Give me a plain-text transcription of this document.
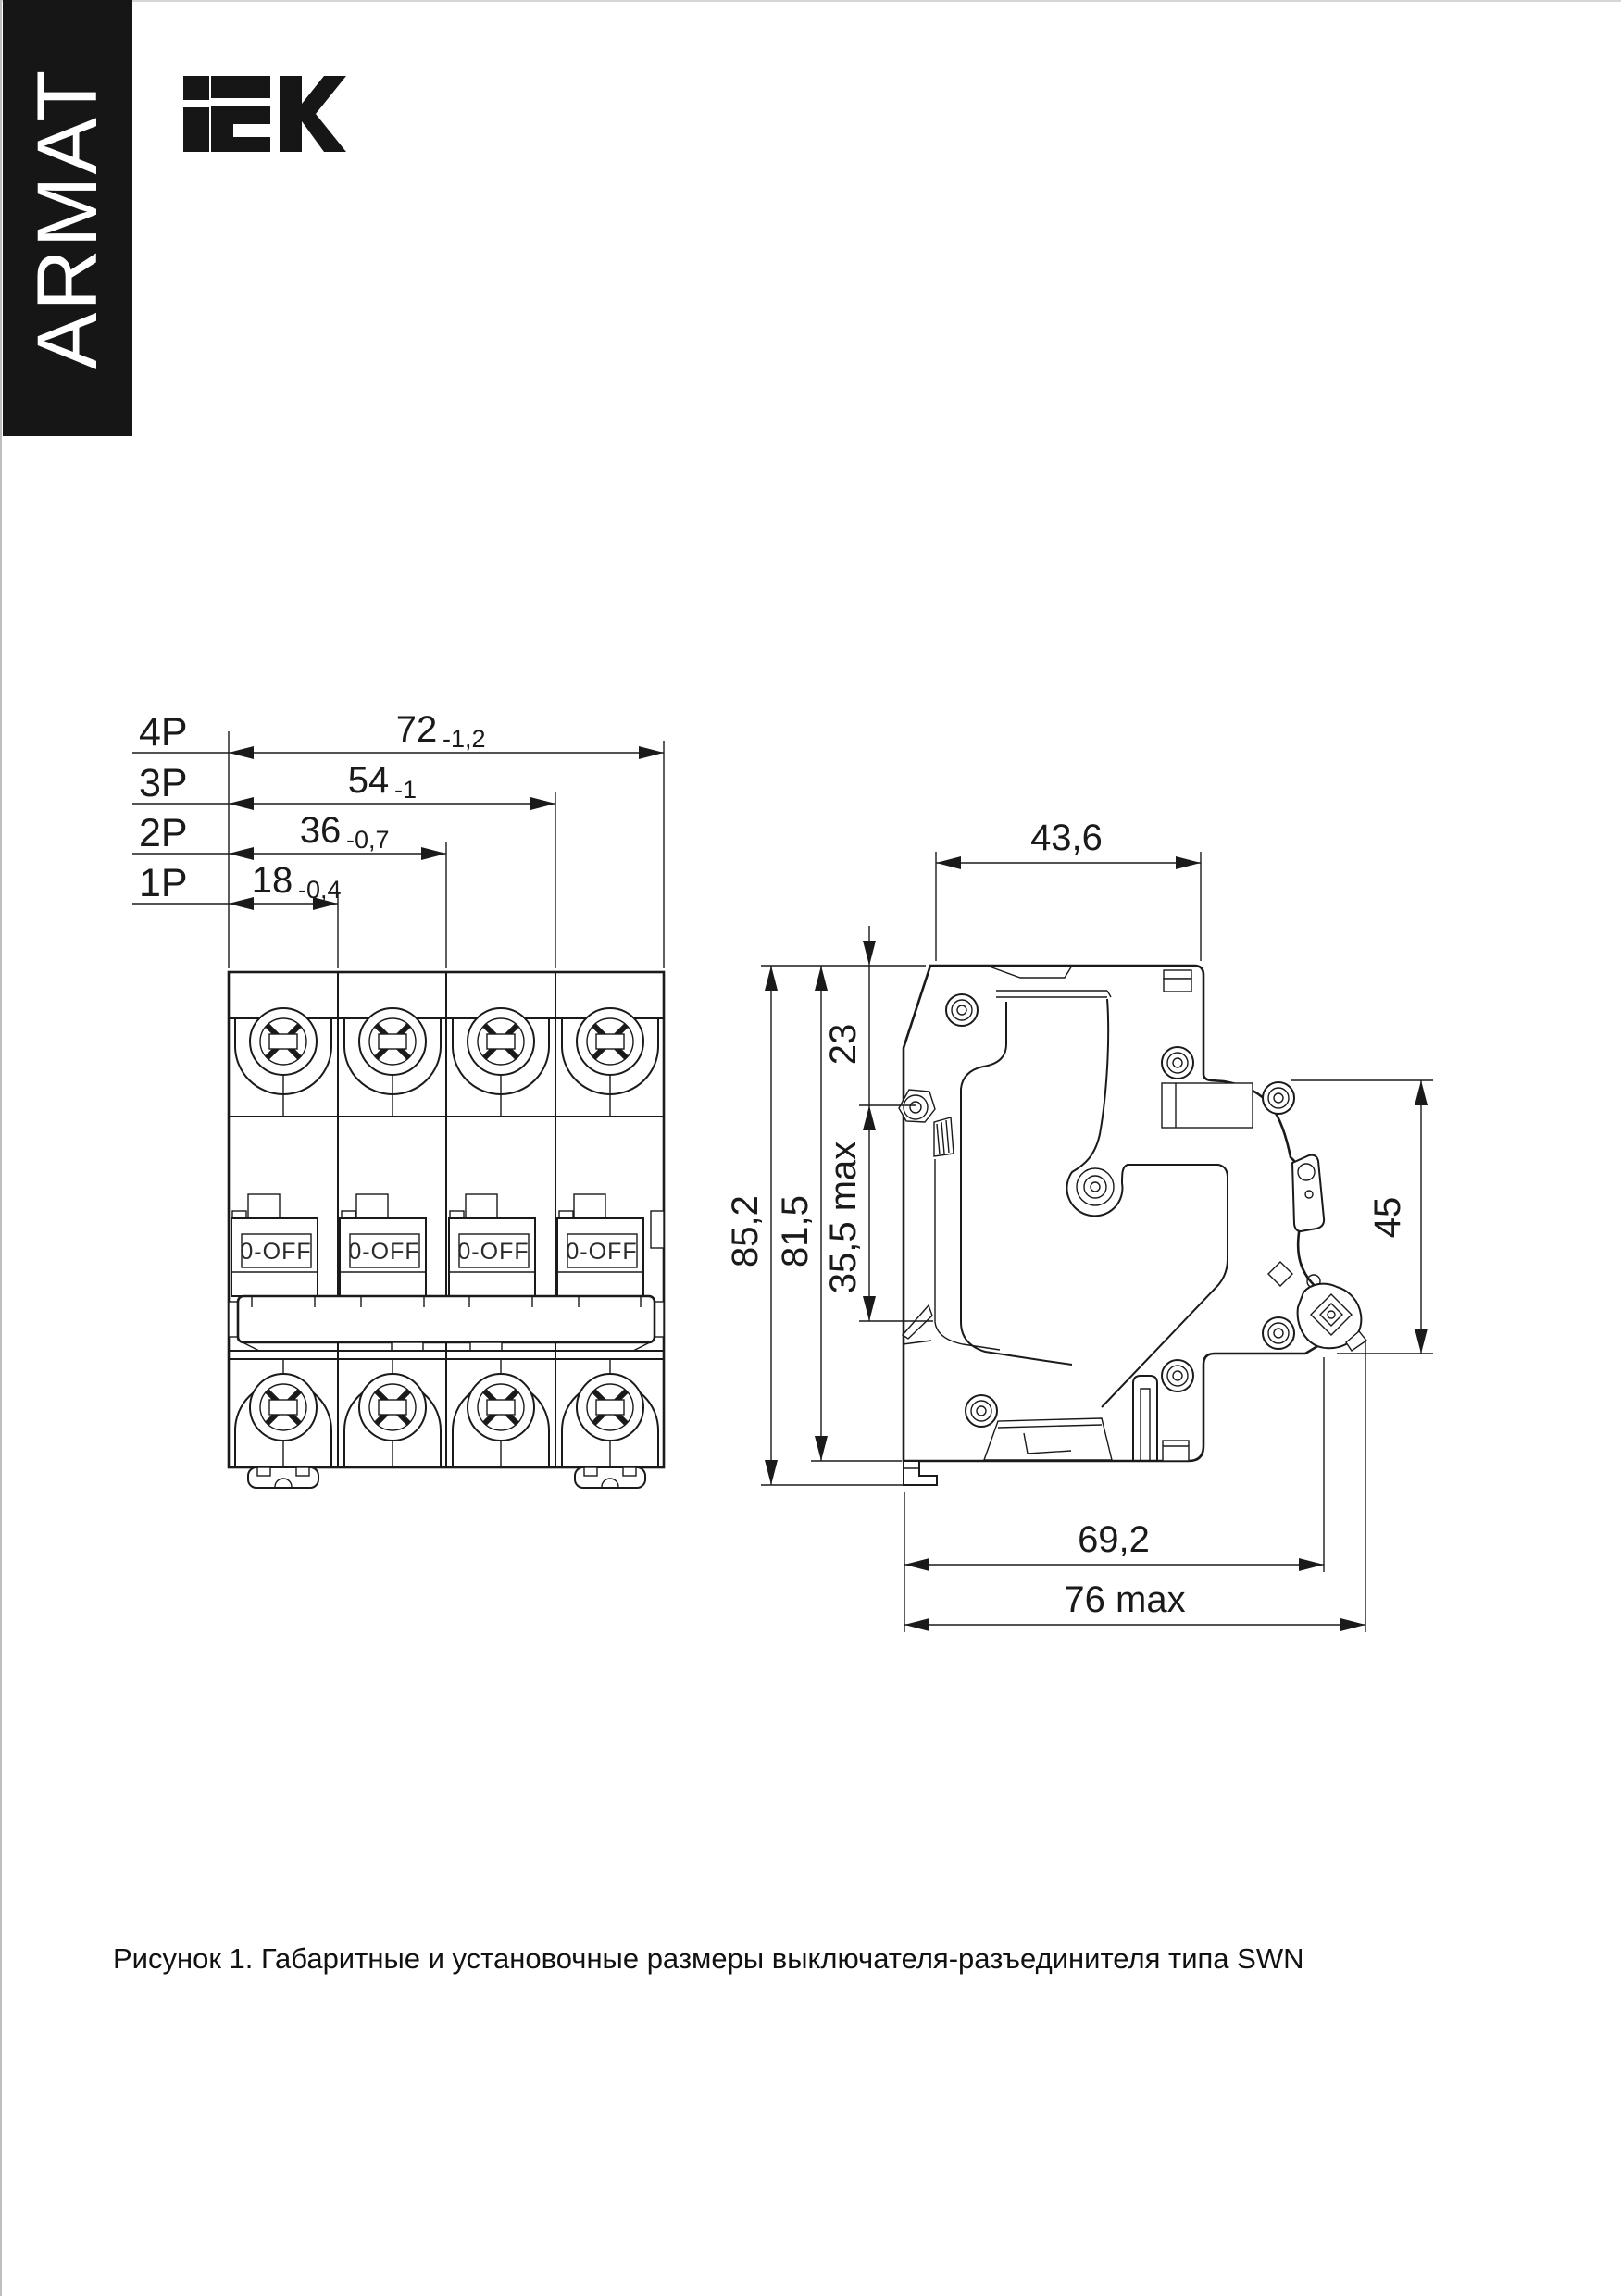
ARMAT
0-OFF 0-OFF 0-OFF 0-OFF
4P	72 -1,2
3P	54 -1
2P	36 -0,7
1P 18 -0,4
43,6
85,2 81,5
23
35,5 max	45
69,2
76 max
Рисунок 1. Габаритные и установочные размеры выключателя-разъединителя типа SWN
